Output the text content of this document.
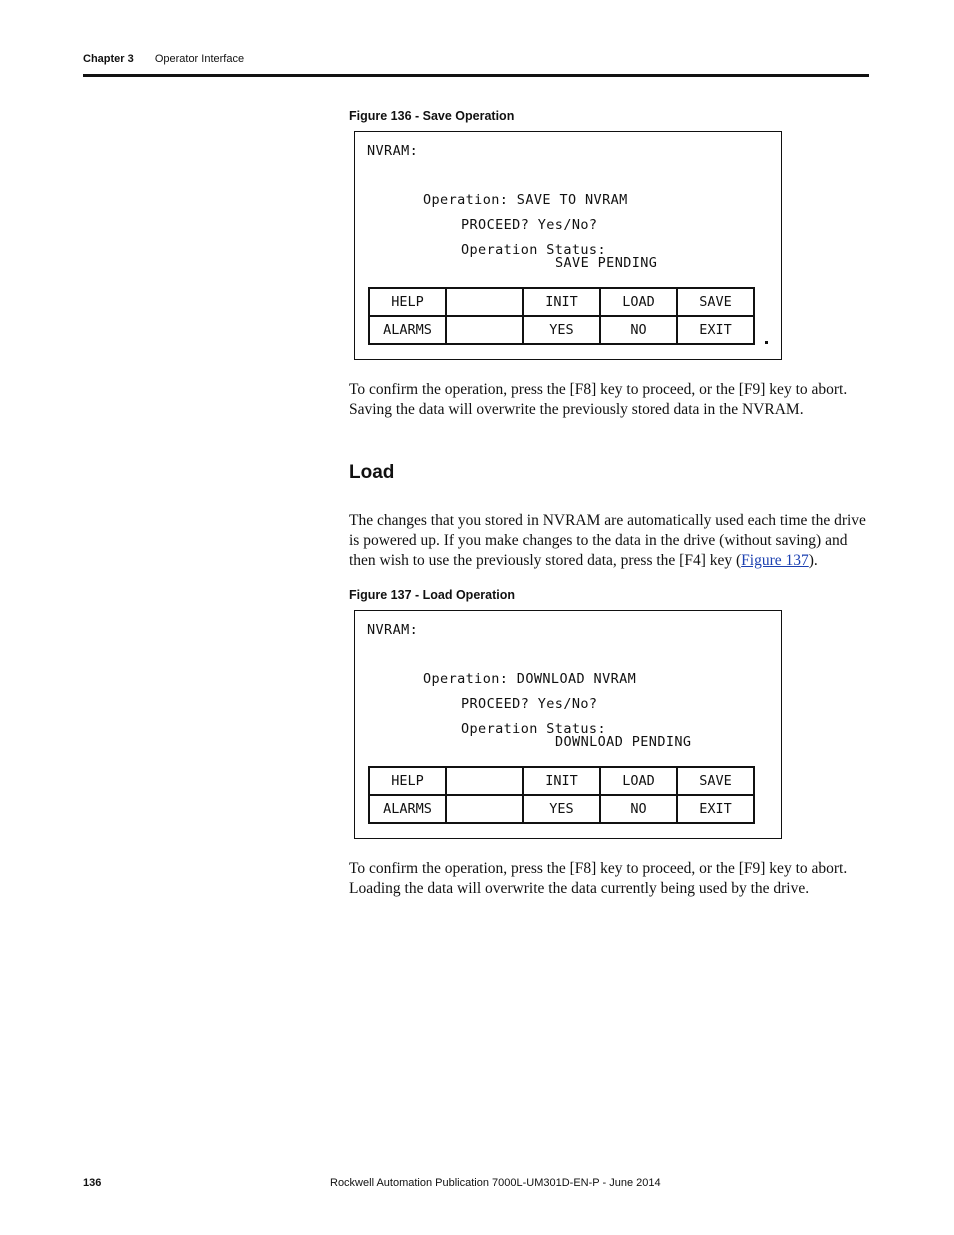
Chapter 3 Operator Interface
Figure 136 - Save Operation
NVRAM:
Operation: SAVE TO NVRAM
PROCEED? Yes/No?
Operation Status:
SAVE PENDING
HELP		INIT	LOAD	SAVE
ALARMS		YES	NO	EXIT
To confirm the operation, press the [F8] key to proceed, or the [F9] key to abort. Saving the data will overwrite the previously stored data in the NVRAM.
Load
The changes that you stored in NVRAM are automatically used each time the drive is powered up. If you make changes to the data in the drive (without saving) and then wish to use the previously stored data, press the [F4] key (Figure 137).
Figure 137 - Load Operation
NVRAM:
Operation: DOWNLOAD NVRAM
PROCEED? Yes/No?
Operation Status:
DOWNLOAD PENDING
HELP		INIT	LOAD	SAVE
ALARMS		YES	NO	EXIT
To confirm the operation, press the [F8] key to proceed, or the [F9] key to abort. Loading the data will overwrite the data currently being used by the drive.
136	Rockwell Automation Publication 7000L-UM301D-EN-P - June 2014
